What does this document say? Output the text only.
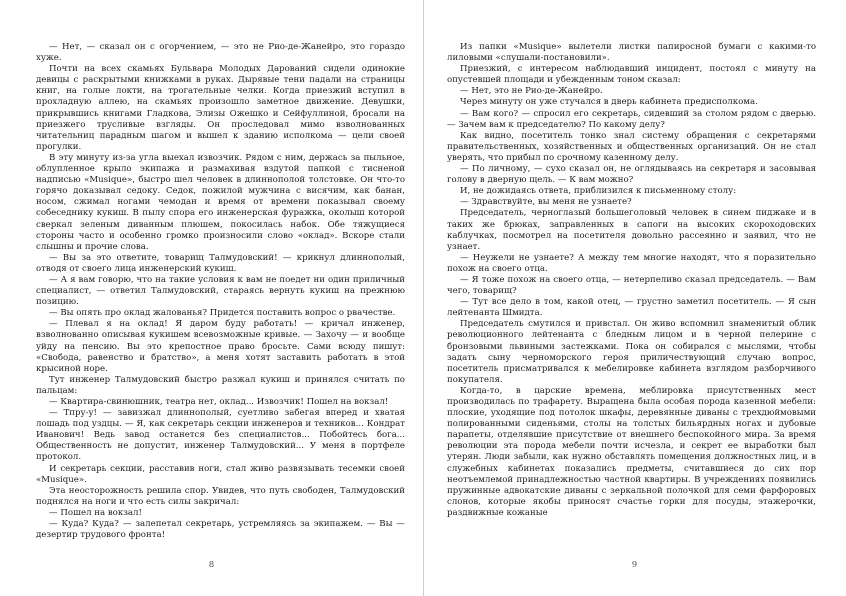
— Нет, — сказал он с огорчением, — это не Рио-де-Жанейро, это гораздо хуже.

Почти на всех скамьях Бульвара Молодых Дарований сидели одинокие девицы с раскрытыми книжками в руках. Дырявые тени падали на страницы книг, на голые локти, на трогательные челки. Когда приезжий вступил в прохладную аллею, на скамьях произошло заметное движение. Девушки, прикрывшись книгами Гладкова, Элизы Ожешко и Сейфуллиной, бросали на приезжего трусливые взгляды. Он проследовал мимо взволнованных читательниц парадным шагом и вышел к зданию исполкома — цели своей прогулки.

В эту минуту из-за угла выехал извозчик. Рядом с ним, держась за пыльное, облупленное крыло экипажа и размахивая вздутой папкой с тисненой надписью «Musique», быстро шел человек в длиннополой толстовке. Он что-то горячо доказывал седоку. Седок, пожилой мужчина с висячим, как банан, носом, сжимал ногами чемодан и время от времени показывал своему собеседнику кукиш. В пылу спора его инженерская фуражка, околыш которой сверкал зеленым диванным плюшем, покосилась набок. Обе тяжущиеся стороны часто и особенно громко произносили слово «оклад». Вскоре стали слышны и прочие слова.

— Вы за это ответите, товарищ Талмудовский! — крикнул длиннополый, отводя от своего лица инженерский кукиш.

— А я вам говорю, что на такие условия к вам не поедет ни один приличный специалист, — ответил Талмудовский, стараясь вернуть кукиш на прежнюю позицию.

— Вы опять про оклад жалованья? Придется поставить вопрос о рвачестве.

— Плевал я на оклад! Я даром буду работать! — кричал инженер, взволнованно описывая кукишем всевозможные кривые. — Захочу — и вообще уйду на пенсию. Вы это крепостное право бросьте. Сами всюду пишут: «Свобода, равенство и братство», а меня хотят заставить работать в этой крысиной норе.

Тут инженер Талмудовский быстро разжал кукиш и принялся считать по пальцам:

— Квартира-свинюшник, театра нет, оклад... Извозчик! Пошел на вокзал!

— Тпру-у! — завизжал длиннополый, суетливо забегая вперед и хватая лошадь под уздцы. — Я, как секретарь секции инженеров и техников... Кондрат Иванович! Ведь завод останется без специалистов... Побойтесь бога... Общественность не допустит, инженер Талмудовский... У меня в портфеле протокол.

И секретарь секции, расставив ноги, стал живо развязывать тесемки своей «Musique».

Эта неосторожность решила спор. Увидев, что путь свободен, Талмудовский поднялся на ноги и что есть силы закричал:

— Пошел на вокзал!

— Куда? Куда? — залепетал секретарь, устремляясь за экипажем. — Вы — дезертир трудового фронта!

8

Из папки «Musique» вылетели листки папиросной бумаги с какими-то лиловыми «слушали-постановили».

Приезжий, с интересом наблюдавший инцидент, постоял с минуту на опустевшей площади и убежденным тоном сказал:

— Нет, это не Рио-де-Жанейро.

Через минуту он уже стучался в дверь кабинета предисполкома.

— Вам кого? — спросил его секретарь, сидевший за столом рядом с дверью. — Зачем вам к председателю? По какому делу?

Как видно, посетитель тонко знал систему обращения с секретарями правительственных, хозяйственных и общественных организаций. Он не стал уверять, что прибыл по срочному казенному делу.

— По личному, — сухо сказал он, не оглядываясь на секретаря и засовывая голову в дверную щель. — К вам можно?

И, не дожидаясь ответа, приблизился к письменному столу:

— Здравствуйте, вы меня не узнаете?

Председатель, черноглазый большеголовый человек в синем пиджаке и в таких же брюках, заправленных в сапоги на высоких скороходовских каблучках, посмотрел на посетителя довольно рассеянно и заявил, что не узнает.

— Неужели не узнаете? А между тем многие находят, что я поразительно похож на своего отца.

— Я тоже похож на своего отца, — нетерпеливо сказал председатель. — Вам чего, товарищ?

— Тут все дело в том, какой отец, — грустно заметил посетитель. — Я сын лейтенанта Шмидта.

Председатель смутился и привстал. Он живо вспомнил знаменитый облик революционного лейтенанта с бледным лицом и в черной пелерине с бронзовыми львиными застежками. Пока он собирался с мыслями, чтобы задать сыну черноморского героя приличествующий случаю вопрос, посетитель присматривался к мебелировке кабинета взглядом разборчивого покупателя.

Когда-то, в царские времена, меблировка присутственных мест производилась по трафарету. Выращена была особая порода казенной мебели: плоские, уходящие под потолок шкафы, деревянные диваны с трехдюймовыми полированными сиденьями, столы на толстых бильярдных ногах и дубовые парапеты, отделявшие присутствие от внешнего беспокойного мира. За время революции эта порода мебели почти исчезла, и секрет ее выработки был утерян. Люди забыли, как нужно обставлять помещения должностных лиц, и в служебных кабинетах показались предметы, считавшиеся до сих пор неотъемлемой принадлежностью частной квартиры. В учреждениях появились пружинные адвокатские диваны с зеркальной полочкой для семи фарфоровых слонов, которые якобы приносят счастье горки для посуды, этажерочки, раздвижные кожаные

9
